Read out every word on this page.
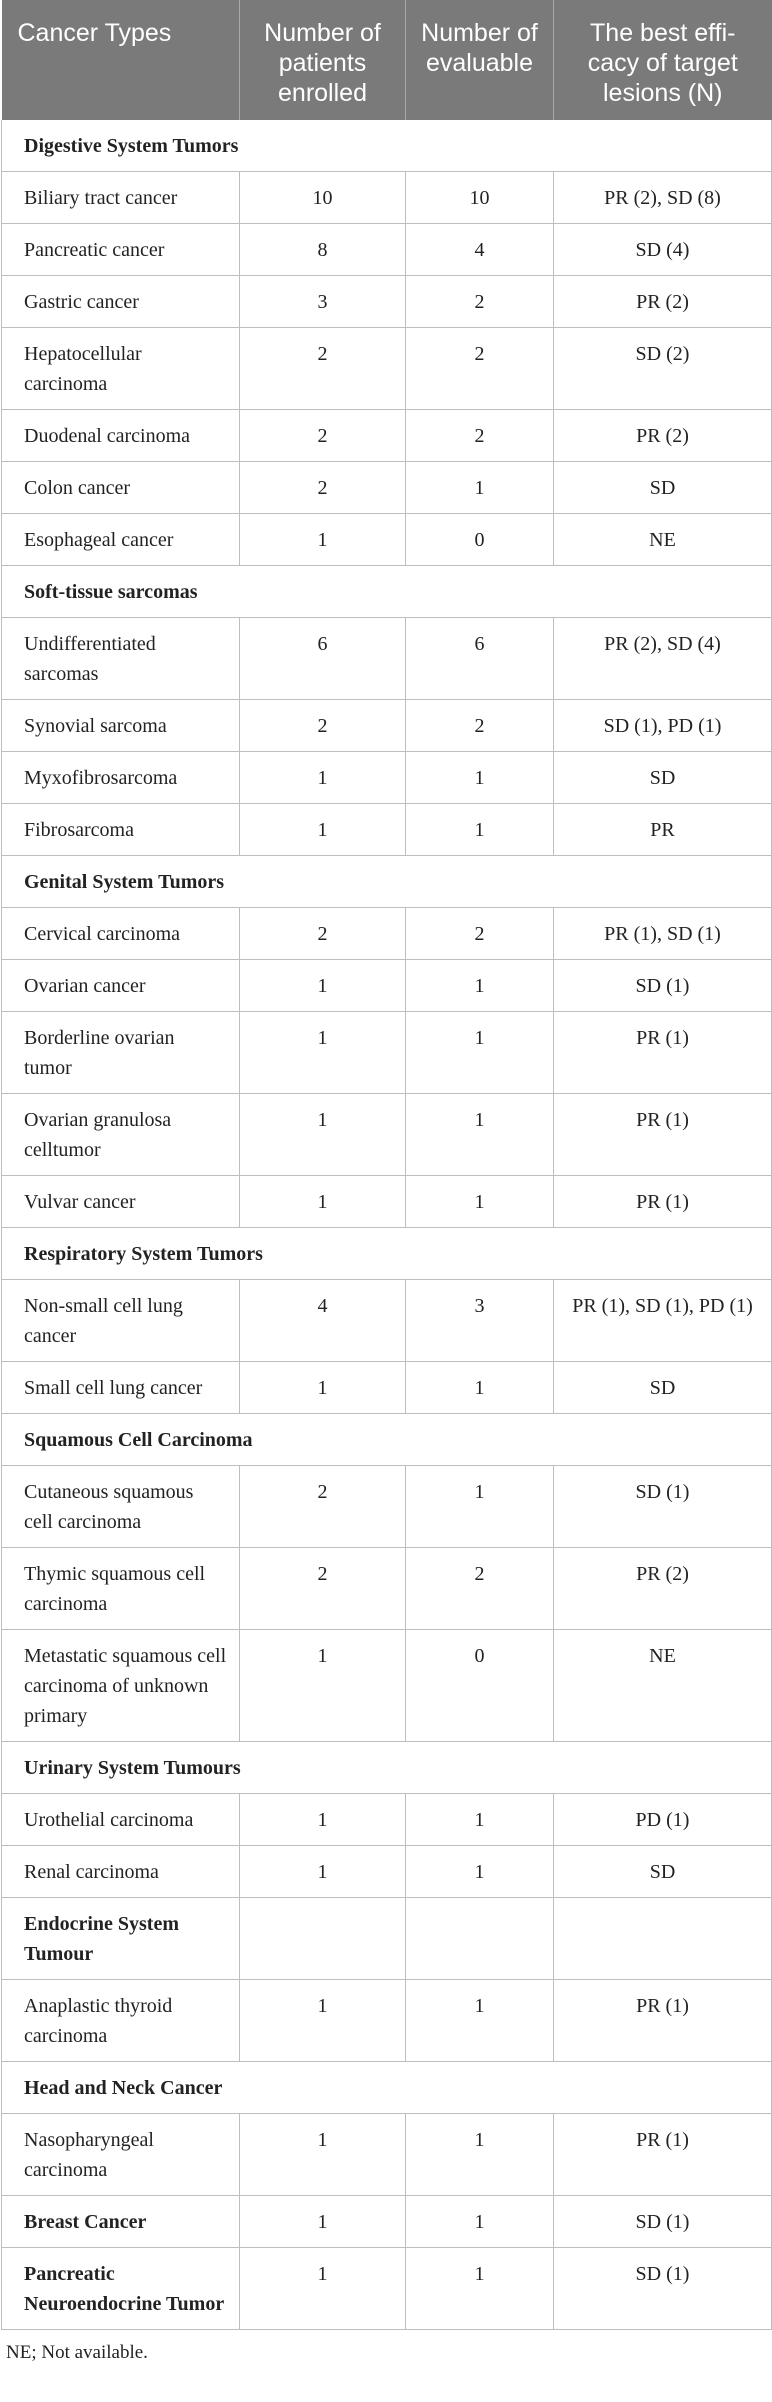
Cancer Types	Number of patients enrolled	Number of evaluable	The best effi-cacy of target lesions (N)
Digestive System Tumors			
Biliary tract cancer	10	10	PR (2), SD (8)
Pancreatic cancer	8	4	SD (4)
Gastric cancer	3	2	PR (2)
Hepatocellular carcinoma	2	2	SD (2)
Duodenal carcinoma	2	2	PR (2)
Colon cancer	2	1	SD
Esophageal cancer	1	0	NE
Soft-tissue sarcomas			
Undifferentiated sarcomas	6	6	PR (2), SD (4)
Synovial sarcoma	2	2	SD (1), PD (1)
Myxofibrosarcoma	1	1	SD
Fibrosarcoma	1	1	PR
Genital System Tumors			
Cervical carcinoma	2	2	PR (1), SD (1)
Ovarian cancer	1	1	SD (1)
Borderline ovarian tumor	1	1	PR (1)
Ovarian granulosa celltumor	1	1	PR (1)
Vulvar cancer	1	1	PR (1)
Respiratory System Tumors			
Non-small cell lung cancer	4	3	PR (1), SD (1), PD (1)
Small cell lung cancer	1	1	SD
Squamous Cell Carcinoma			
Cutaneous squamous cell carcinoma	2	1	SD (1)
Thymic squamous cell carcinoma	2	2	PR (2)
Metastatic squamous cell carcinoma of unknown primary	1	0	NE
Urinary System Tumours			
Urothelial carcinoma	1	1	PD (1)
Renal carcinoma	1	1	SD
Endocrine System Tumour			
Anaplastic thyroid carcinoma	1	1	PR (1)
Head and Neck Cancer			
Nasopharyngeal carcinoma	1	1	PR (1)
Breast Cancer	1	1	SD (1)
Pancreatic Neuroendocrine Tumor	1	1	SD (1)
NE; Not available.
